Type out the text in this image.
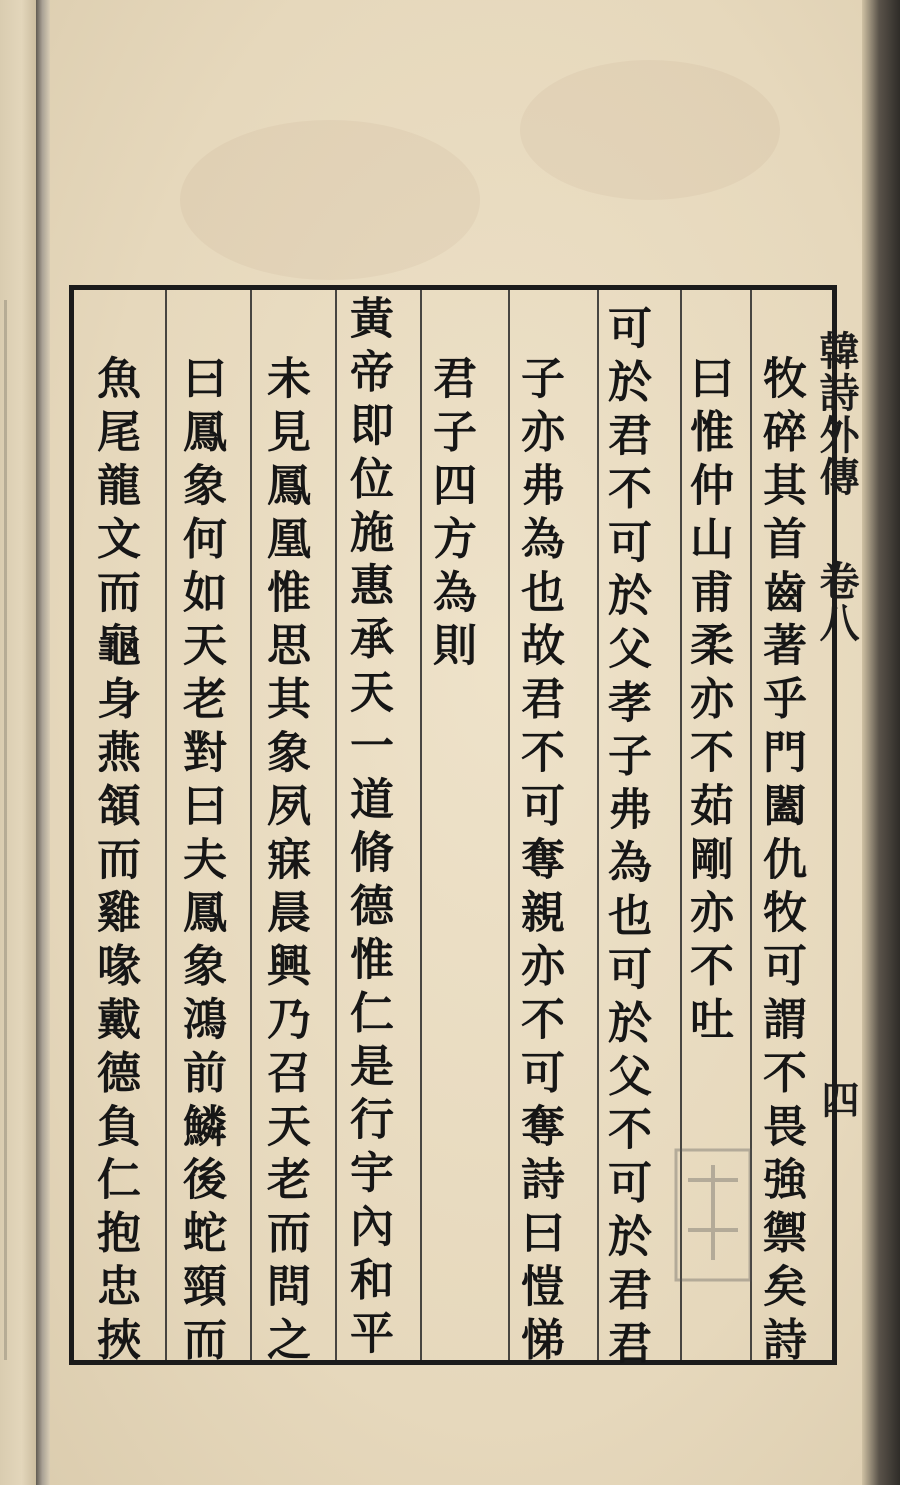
韓詩外傳
卷八
四
牧碎其首齒著乎門闔仇牧可謂不畏強禦矣詩
曰惟仲山甫柔亦不茹剛亦不吐
可於君不可於父孝子弗為也可於父不可於君君
子亦弗為也故君不可奪親亦不可奪詩曰愷悌
君子四方為則
黃帝即位施惠承天一道脩德惟仁是行宇內和平
未見鳳凰惟思其象夙寐晨興乃召天老而問之
曰鳳象何如天老對曰夫鳳象鴻前鱗後蛇頸而
魚尾龍文而龜身燕頷而雞喙戴德負仁抱忠挾
